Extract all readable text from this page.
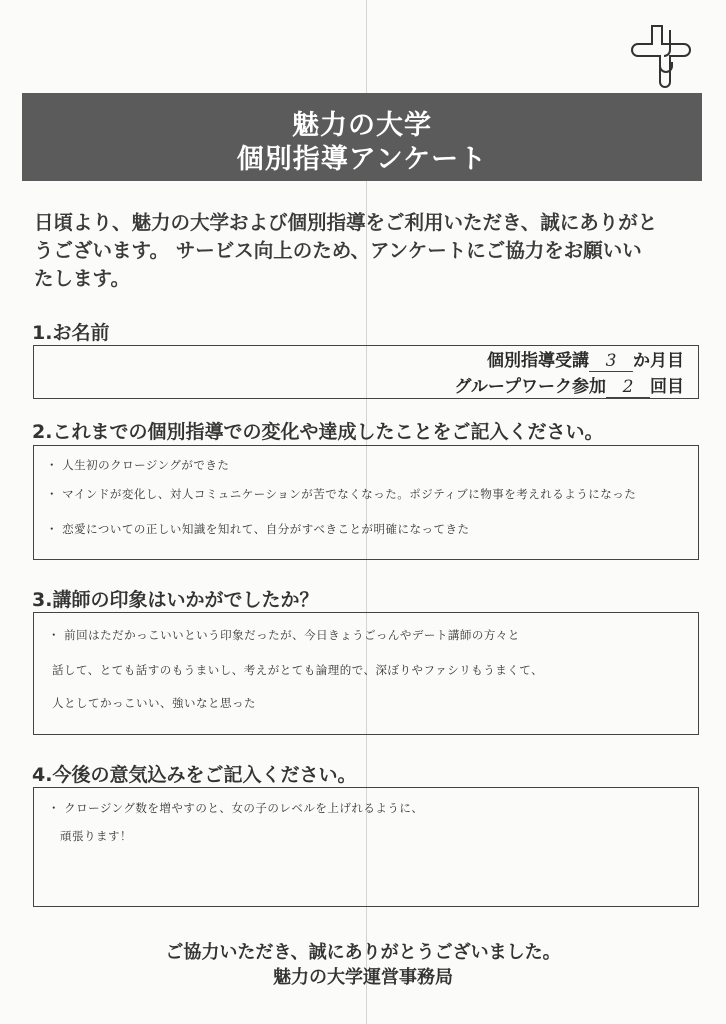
魅力の大学
個別指導アンケート
日頃より、魅力の大学および個別指導をご利用いただき、誠にありがと
うございます。 サービス向上のため、アンケートにご協力をお願いい
たします。
1.お名前
個別指導受講 3 か月目
グループワーク参加 2 回目
2.これまでの個別指導での変化や達成したことをご記入ください。
・ 人生初のクロージングができた
・ マインドが変化し、対人コミュニケーションが苦でなくなった。ポジティブに物事を考えれるようになった
・ 恋愛についての正しい知識を知れて、自分がすべきことが明確になってきた
3.講師の印象はいかがでしたか？
・ 前回はただかっこいいという印象だったが、今日きょうごっんやデート講師の方々と
話して、とても話すのもうまいし、考えがとても論理的で、深ぼりやファシリもうまくて、
人としてかっこいい、強いなと思った
4.今後の意気込みをご記入ください。
・ クロージング数を増やすのと、女の子のレベルを上げれるように、
頑張ります！
ご協力いただき、誠にありがとうございました。
魅力の大学運営事務局
